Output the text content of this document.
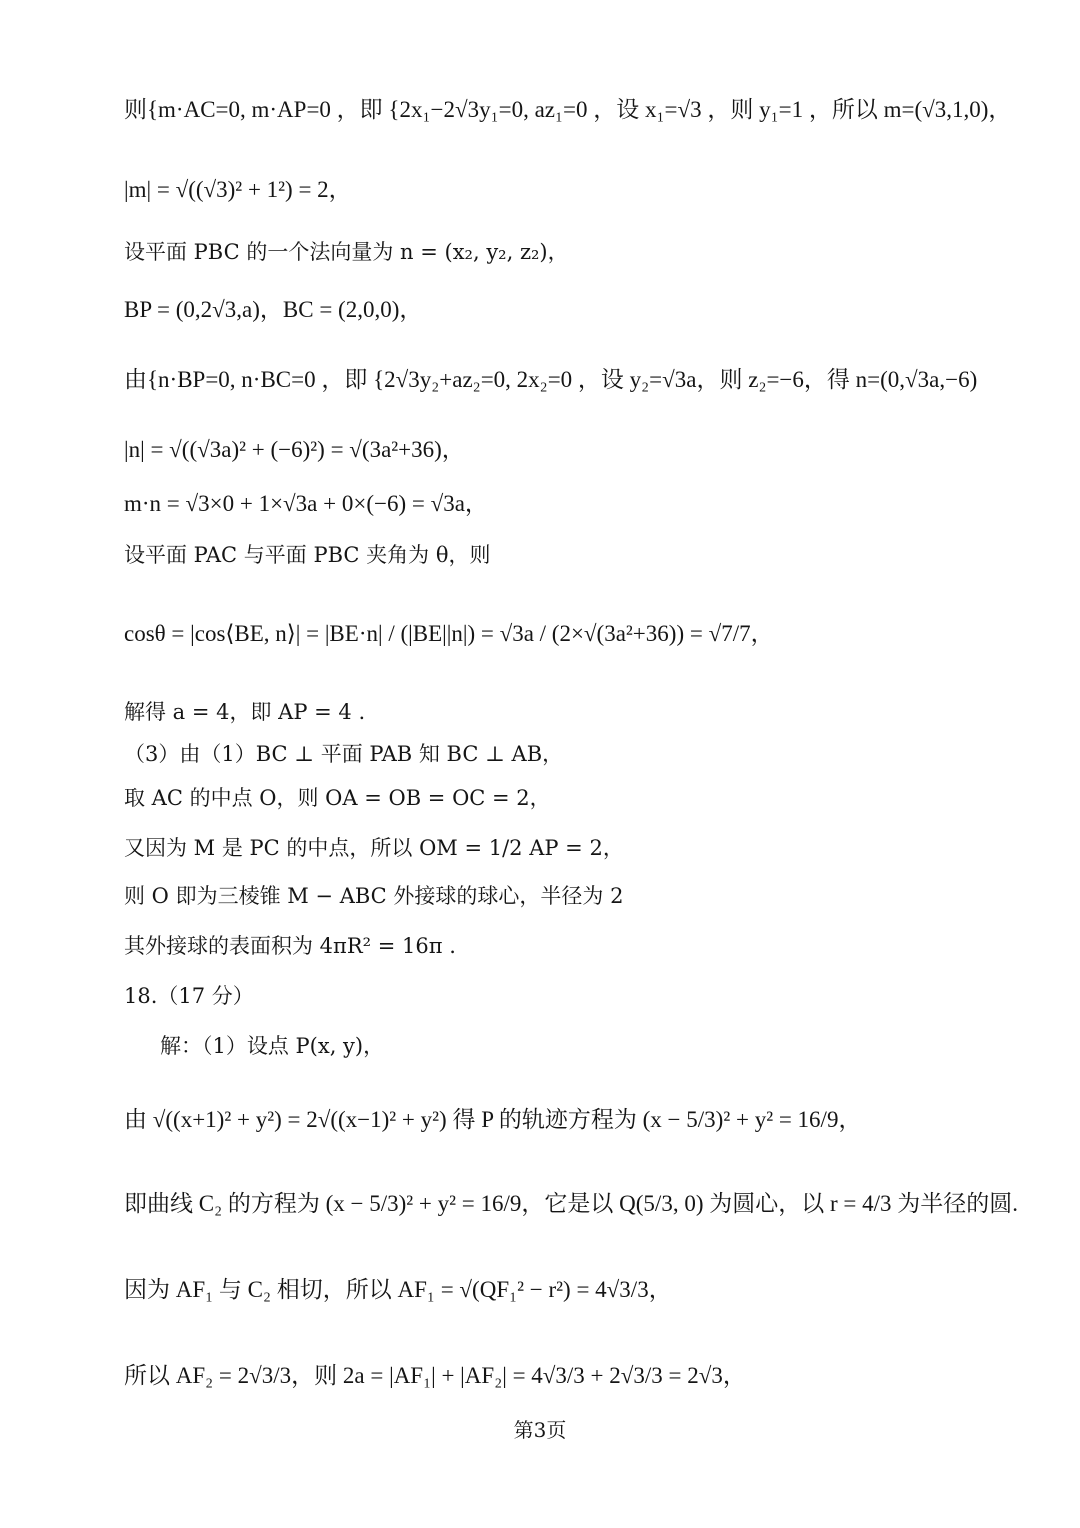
则{m·AC=0, m·AP=0 ，即 {2x₁−2√3y₁=0, az₁=0 ，设 x₁=√3 ，则 y₁=1 ，所以 m=(√3,1,0)，
|m| = √((√3)² + 1²) = 2，
设平面 PBC 的一个法向量为 n = (x₂, y₂, z₂)，
BP = (0,2√3,a)，BC = (2,0,0)，
由{n·BP=0, n·BC=0 ，即 {2√3y₂+az₂=0, 2x₂=0 ，设 y₂=√3a，则 z₂=−6，得 n=(0,√3a,−6)
|n| = √((√3a)² + (−6)²) = √(3a²+36)，
m·n = √3×0 + 1×√3a + 0×(−6) = √3a，
设平面 PAC 与平面 PBC 夹角为 θ，则
cosθ = |cos⟨BE, n⟩| = |BE·n| / (|BE||n|) = √3a / (2×√(3a²+36)) = √7/7，
解得 a = 4，即 AP = 4 .
（3）由（1）BC ⊥ 平面 PAB 知 BC ⊥ AB，
取 AC 的中点 O，则 OA = OB = OC = 2，
又因为 M 是 PC 的中点，所以 OM = 1/2 AP = 2，
则 O 即为三棱锥 M − ABC 外接球的球心，半径为 2
其外接球的表面积为 4πR² = 16π .
18.（17 分）
解：（1）设点 P(x, y)，
由 √((x+1)² + y²) = 2√((x−1)² + y²) 得 P 的轨迹方程为 (x − 5/3)² + y² = 16/9，
即曲线 C₂ 的方程为 (x − 5/3)² + y² = 16/9，它是以 Q(5/3, 0) 为圆心，以 r = 4/3 为半径的圆.
因为 AF₁ 与 C₂ 相切，所以 AF₁ = √(QF₁² − r²) = 4√3/3，
所以 AF₂ = 2√3/3，则 2a = |AF₁| + |AF₂| = 4√3/3 + 2√3/3 = 2√3，
第3页
